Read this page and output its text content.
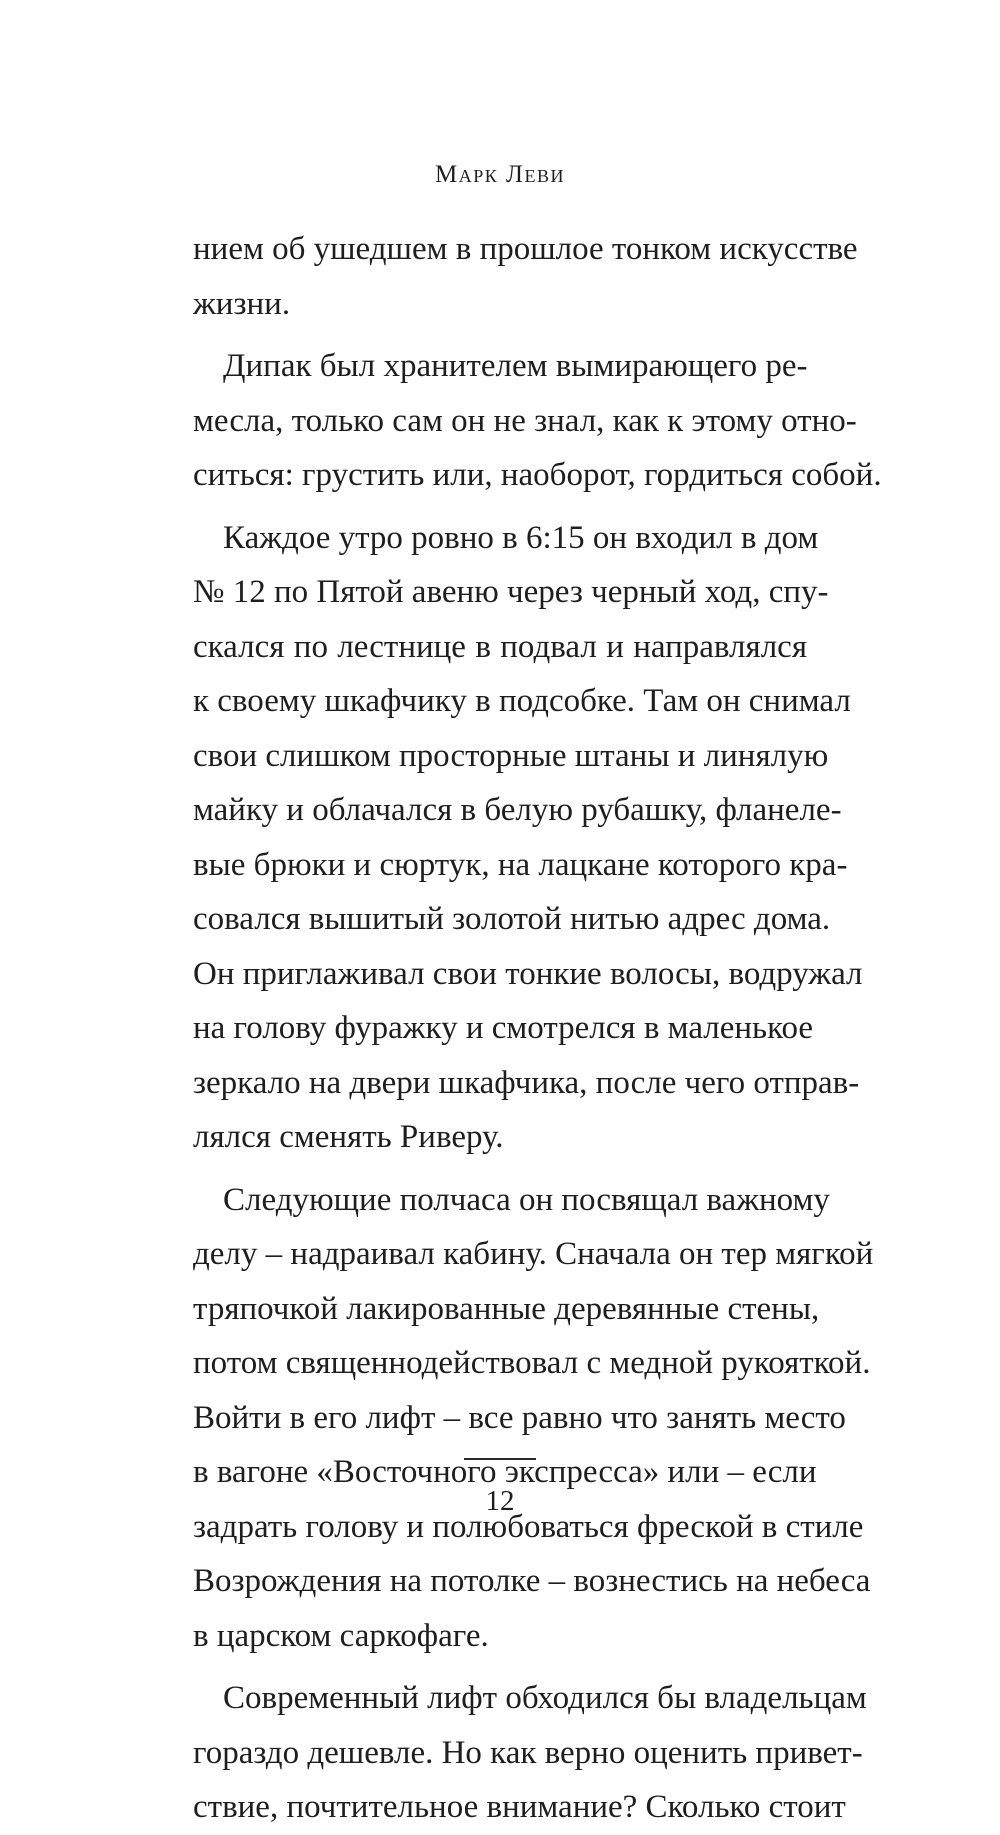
Марк Леви
нием об ушедшем в прошлое тонком искусстве
жизни.
Дипак был хранителем вымирающего ре-
месла, только сам он не знал, как к этому отно-
ситься: грустить или, наоборот, гордиться собой.
Каждое утро ровно в 6:15 он входил в дом
№ 12 по Пятой авеню через черный ход, спу-
скался по лестнице в подвал и направлялся
к своему шкафчику в подсобке. Там он снимал
свои слишком просторные штаны и линялую
майку и облачался в белую рубашку, фланеле-
вые брюки и сюртук, на лацкане которого кра-
совался вышитый золотой нитью адрес дома.
Он приглаживал свои тонкие волосы, водружал
на голову фуражку и смотрелся в маленькое
зеркало на двери шкафчика, после чего отправ-
лялся сменять Риверу.
Следующие полчаса он посвящал важному
делу – надраивал кабину. Сначала он тер мягкой
тряпочкой лакированные деревянные стены,
потом священнодействовал с медной рукояткой.
Войти в его лифт – все равно что занять место
в вагоне «Восточного экспресса» или – если
задрать голову и полюбоваться фреской в стиле
Возрождения на потолке – вознестись на небеса
в царском саркофаге.
Современный лифт обходился бы владельцам
гораздо дешевле. Но как верно оценить привет-
ствие, почтительное внимание? Сколько стоит
12
